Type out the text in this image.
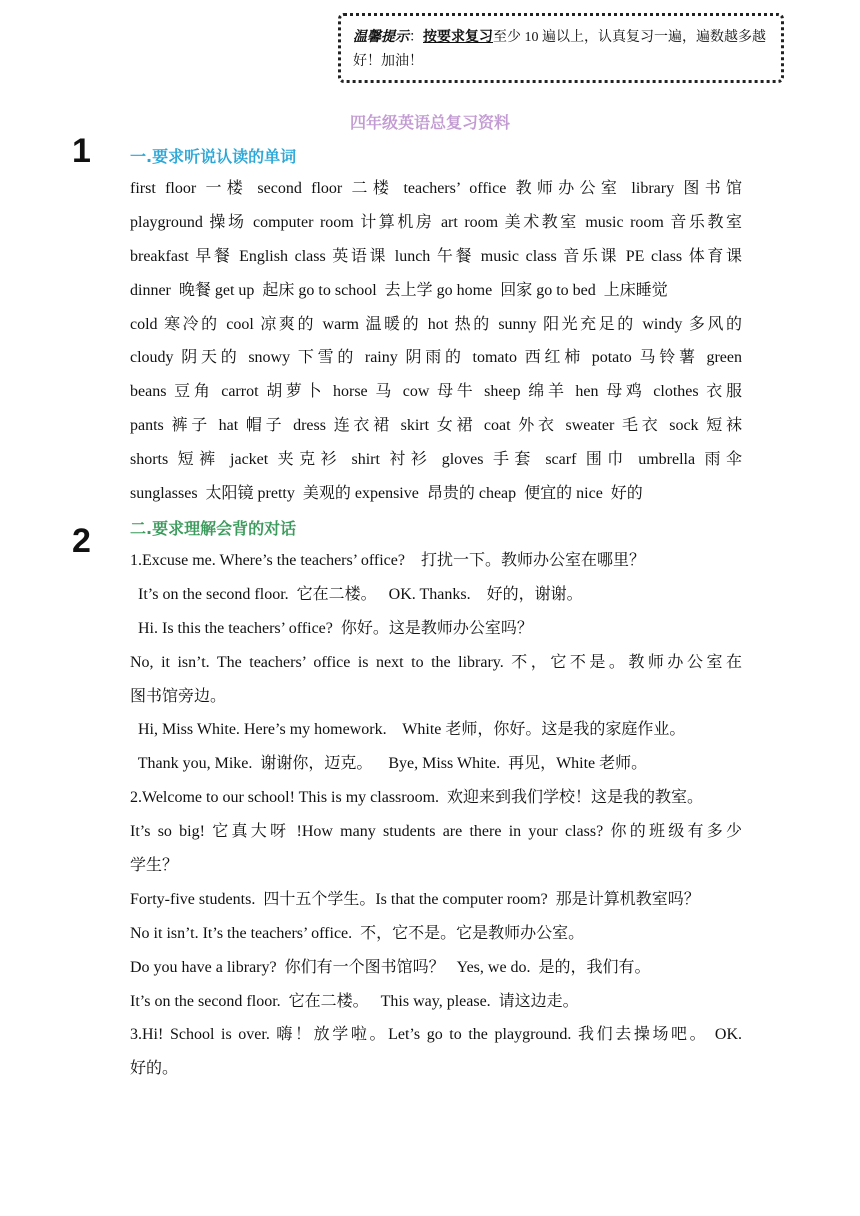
温馨提示：按要求复习至少 10 遍以上，认真复习一遍，遍数越多越好！加油！
四年级英语总复习资料
1 一.要求听说认读的单词
first floor 一楼 second floor 二楼 teachers’ office 教师办公室 library 图书馆
playground 操场 computer room 计算机房 art room 美术教室 music room 音乐教室
breakfast 早餐 English class 英语课 lunch 午餐 music class 音乐课 PE class 体育课
dinner  晚餐 get up  起床 go to school  去上学 go home  回家 go to bed  上床睡觉
cold 寒冷的 cool 凉爽的 warm 温暖的 hot 热的 sunny 阳光充足的 windy 多风的
cloudy 阴天的 snowy 下雪的 rainy 阴雨的 tomato 西红柿 potato 马铃薯 green
beans 豆角 carrot 胡萝卜 horse 马 cow 母牛 sheep 绵羊 hen 母鸡 clothes 衣服
pants 裤子 hat 帽子 dress 连衣裙 skirt 女裙 coat 外衣 sweater 毛衣 sock 短袜
shorts 短裤 jacket 夹克衫 shirt 衬衫 gloves 手套 scarf 围巾 umbrella 雨伞
sunglasses  太阳镜 pretty  美观的 expensive  昂贵的 cheap  便宜的 nice  好的
2 二.要求理解会背的对话
1.Excuse me. Where’s the teachers’ office?    打扰一下。教师办公室在哪里？
It’s on the second floor.  它在二楼。   OK. Thanks.    好的，谢谢。
Hi. Is this the teachers’ office?  你好。这是教师办公室吗？
No, it isn’t. The teachers’ office is next to the library. 不，它不是。教师办公室在
图书馆旁边。
Hi, Miss White. Here’s my homework.    White 老师，你好。这是我的家庭作业。
Thank you, Mike.  谢谢你，迈克。    Bye, Miss White.  再见，White 老师。
2.Welcome to our school! This is my classroom.  欢迎来到我们学校！这是我的教室。
It’s so big! 它真大呀 !How many students are there in your class? 你的班级有多少
学生？
Forty-five students.  四十五个学生。Is that the computer room?  那是计算机教室吗？
No it isn’t. It’s the teachers’ office.  不，它不是。它是教师办公室。
Do you have a library?  你们有一个图书馆吗？   Yes, we do.  是的，我们有。
It’s on the second floor.  它在二楼。   This way, please.  请这边走。
3.Hi! School is over. 嗨！放学啦。Let’s go to the playground. 我们去操场吧。 OK.
好的。
